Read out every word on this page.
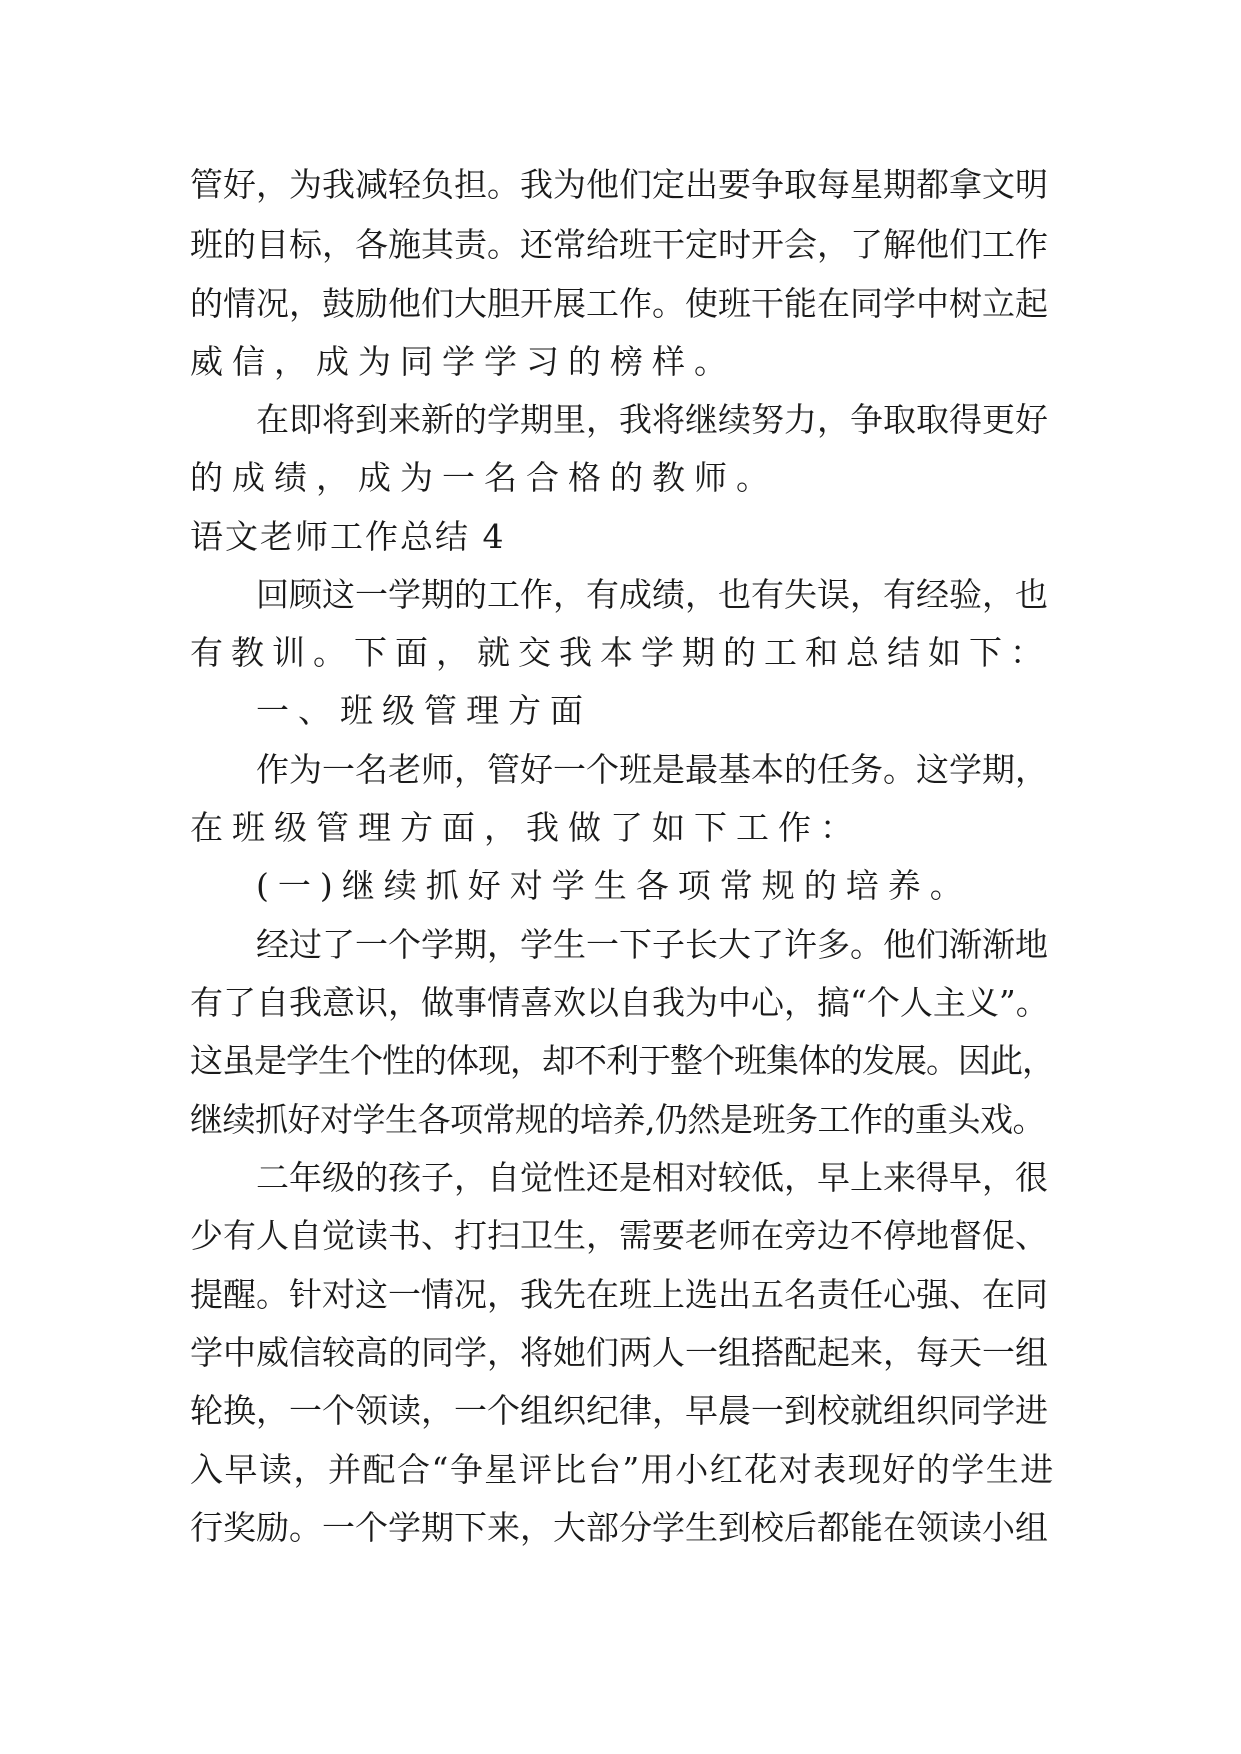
管好，为我减轻负担。我为他们定出要争取每星期都拿文明
班的目标，各施其责。还常给班干定时开会，了解他们工作
的情况，鼓励他们大胆开展工作。使班干能在同学中树立起
威信，成为同学学习的榜样。
在即将到来新的学期里，我将继续努力，争取取得更好
的成绩，成为一名合格的教师。
语文老师工作总结 4
回顾这一学期的工作，有成绩，也有失误，有经验，也
有教训。下面，就交我本学期的工和总结如下：
一、班级管理方面
作为一名老师，管好一个班是最基本的任务。这学期，
在班级管理方面，我做了如下工作：
(一)继续抓好对学生各项常规的培养。
经过了一个学期，学生一下子长大了许多。他们渐渐地
有了自我意识，做事情喜欢以自我为中心，搞“个人主义”。
这虽是学生个性的体现，却不利于整个班集体的发展。因此，
继续抓好对学生各项常规的培养,仍然是班务工作的重头戏。
二年级的孩子，自觉性还是相对较低，早上来得早，很
少有人自觉读书、打扫卫生，需要老师在旁边不停地督促、
提醒。针对这一情况，我先在班上选出五名责任心强、在同
学中威信较高的同学，将她们两人一组搭配起来，每天一组
轮换，一个领读，一个组织纪律，早晨一到校就组织同学进
入早读，并配合“争星评比台”用小红花对表现好的学生进
行奖励。一个学期下来，大部分学生到校后都能在领读小组
